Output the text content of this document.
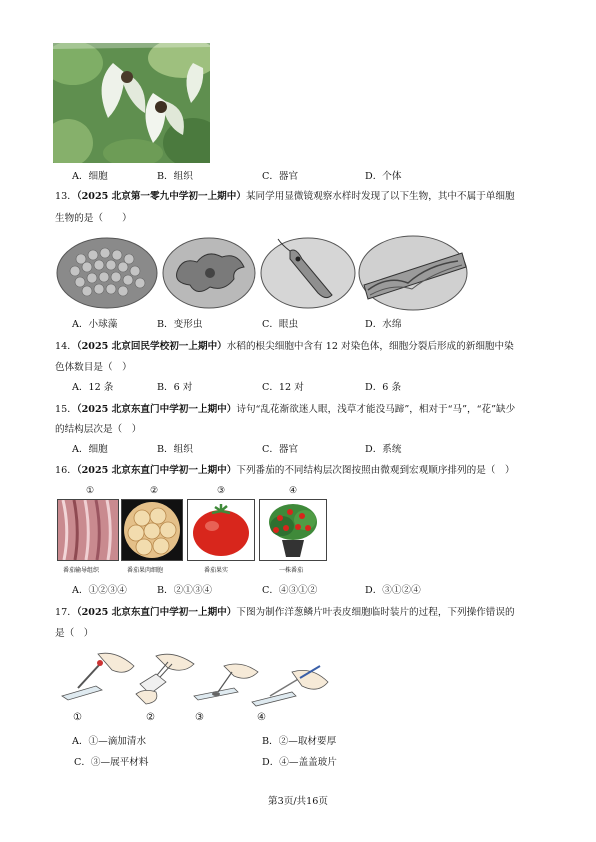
A．细胞	B．组织	C．器官	D．个体
13．（2025 北京第一零九中学初一上期中）某同学用显微镜观察水样时发现了以下生物，其中不属于单细胞
生物的是（　　）
A．小球藻	B．变形虫	C．眼虫	D．水绵
14．（2025 北京回民学校初一上期中）水稻的根尖细胞中含有 12 对染色体，细胞分裂后形成的新细胞中染
色体数目是（　）
A．12 条	B．6 对	C．12 对	D．6 条
15．（2025 北京东直门中学初一上期中）诗句“乱花渐欲迷人眼，浅草才能没马蹄”，相对于“马”，“花”缺少
的结构层次是（　）
A．细胞	B．组织	C．器官	D．系统
16．（2025 北京东直门中学初一上期中）下列番茄的不同结构层次图按照由微观到宏观顺序排列的是（　）
①	②	③	④
番茄输导组织	番茄果肉细胞	番茄果实	一株番茄
A．①②③④	B．②①③④	C．④③①②	D．③①②④
17．（2025 北京东直门中学初一上期中）下图为制作洋葱鳞片叶表皮细胞临时装片的过程，下列操作错误的
是（　）
①	②	③	④
A．①—滴加清水	B．②—取材要厚
C．③—展平材料	D．④—盖盖玻片
第3页/共16页
